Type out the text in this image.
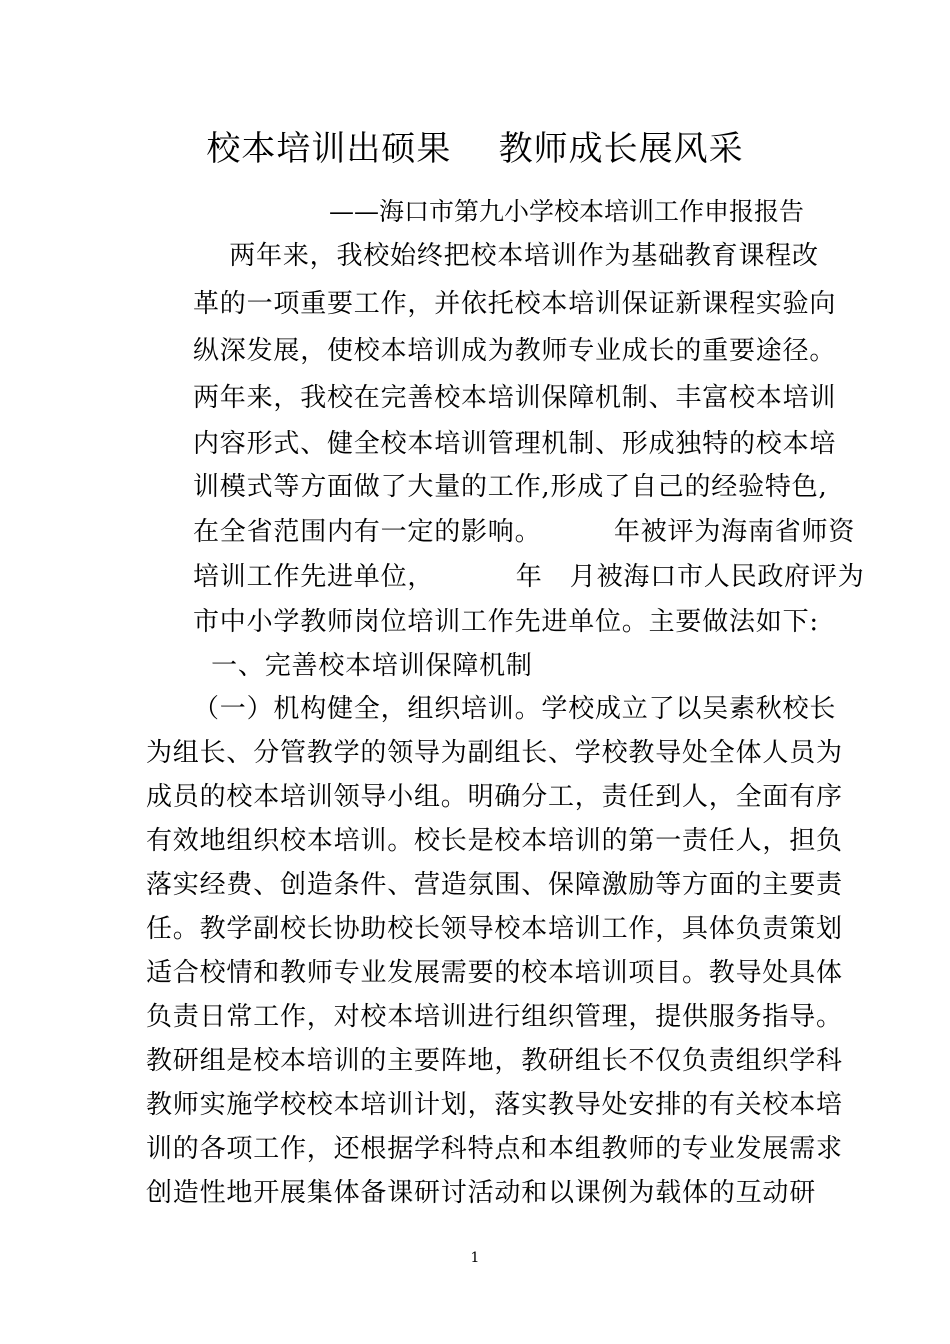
校本培训出硕果    教师成长展风采
——海口市第九小学校本培训工作申报报告
两年来，我校始终把校本培训作为基础教育课程改
革的一项重要工作，并依托校本培训保证新课程实验向
纵深发展，使校本培训成为教师专业成长的重要途径。
两年来，我校在完善校本培训保障机制、丰富校本培训
内容形式、健全校本培训管理机制、形成独特的校本培
训模式等方面做了大量的工作,形成了自己的经验特色,
在全省范围内有一定的影响。        年被评为海南省师资
培训工作先进单位，         年   月被海口市人民政府评为
市中小学教师岗位培训工作先进单位。主要做法如下:
一、完善校本培训保障机制
（一）机构健全，组织培训。学校成立了以吴素秋校长
为组长、分管教学的领导为副组长、学校教导处全体人员为
成员的校本培训领导小组。明确分工，责任到人，全面有序
有效地组织校本培训。校长是校本培训的第一责任人，担负
落实经费、创造条件、营造氛围、保障激励等方面的主要责
任。教学副校长协助校长领导校本培训工作，具体负责策划
适合校情和教师专业发展需要的校本培训项目。教导处具体
负责日常工作，对校本培训进行组织管理，提供服务指导。
教研组是校本培训的主要阵地，教研组长不仅负责组织学科
教师实施学校校本培训计划，落实教导处安排的有关校本培
训的各项工作，还根据学科特点和本组教师的专业发展需求
创造性地开展集体备课研讨活动和以课例为载体的互动研
1
